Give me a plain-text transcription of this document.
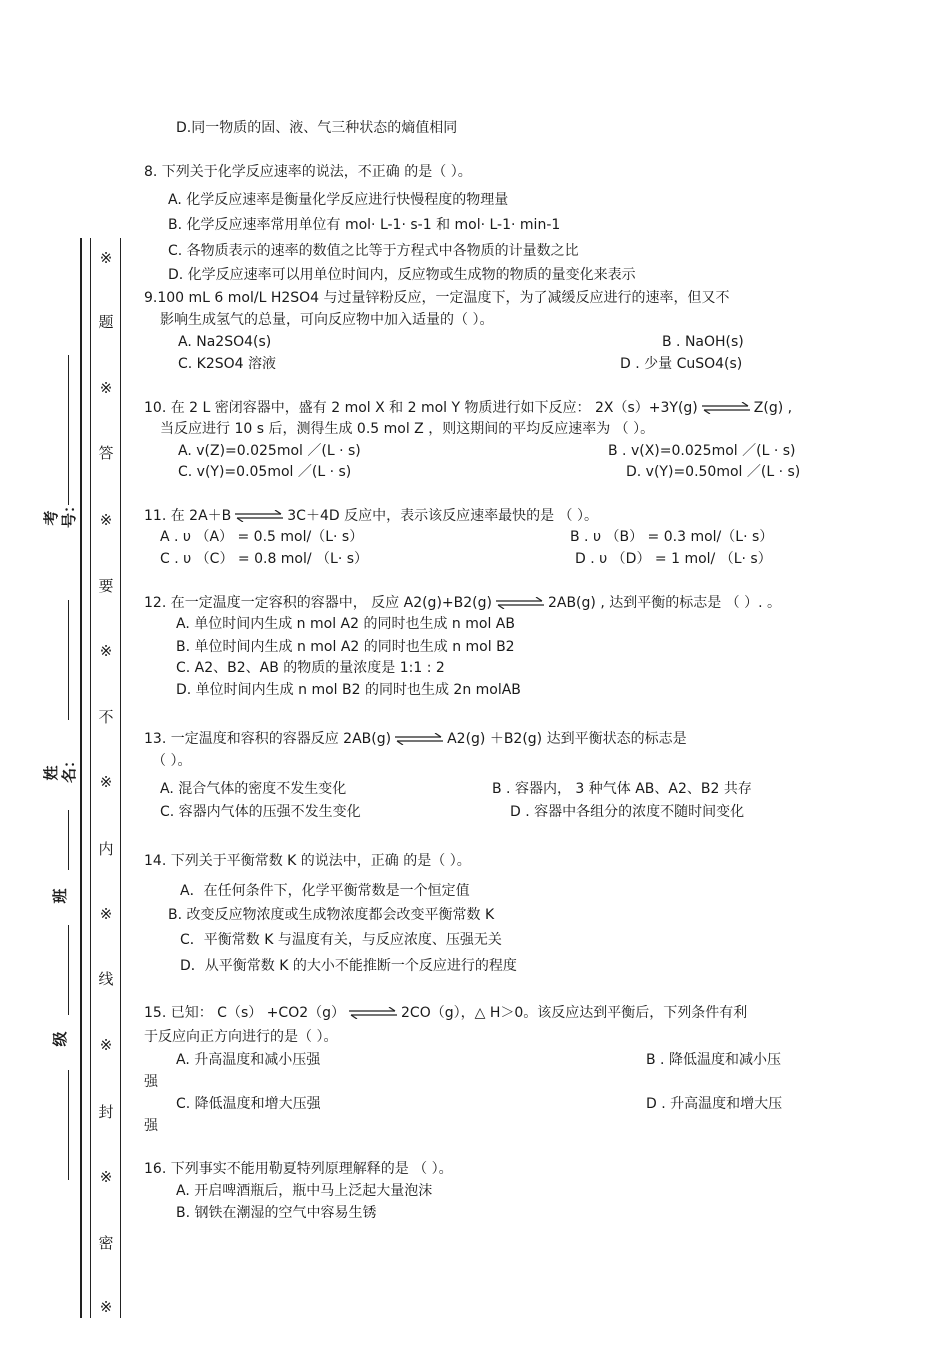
※
题
※
答
※
要
※
不
※
内
※
线
※
封
※
密
※
考号：
姓名：
班
级
D.同一物质的固、液、气三种状态的熵值相同
8. 下列关于化学反应速率的说法，不正确 的是（ ）。
A. 化学反应速率是衡量化学反应进行快慢程度的物理量
B. 化学反应速率常用单位有 mol· L-1· s-1 和 mol· L-1· min-1
C. 各物质表示的速率的数值之比等于方程式中各物质的计量数之比
D. 化学反应速率可以用单位时间内，反应物或生成物的物质的量变化来表示
9.100 mL 6 mol/L H2SO4 与过量锌粉反应，一定温度下，为了减缓反应进行的速率，但又不
影响生成氢气的总量，可向反应物中加入适量的（ ）。
A. Na2SO4(s)	B . NaOH(s)
C. K2SO4 溶液	D . 少量 CuSO4(s)
10. 在 2 L 密闭容器中，盛有 2 mol X 和 2 mol Y 物质进行如下反应： 2X（s）+3Y(g) ⇌ Z(g) ,
当反应进行 10 s 后，测得生成 0.5 mol Z ，则这期间的平均反应速率为 （ ）。
A. v(Z)=0.025mol ／(L · s)	B . v(X)=0.025mol ／(L · s)
C. v(Y)=0.05mol ／(L · s)	D. v(Y)=0.50mol ／(L · s)
11. 在 2A＋B ⇌ 3C＋4D 反应中，表示该反应速率最快的是 （ ）。
A . υ （A） = 0.5 mol/（L· s）	B . υ （B） = 0.3 mol/（L· s）
C . υ （C） = 0.8 mol/ （L· s）	D . υ （D） = 1 mol/ （L· s）
12. 在一定温度一定容积的容器中， 反应 A2(g)+B2(g) ⇌ 2AB(g) , 达到平衡的标志是 （ ）. 。
A. 单位时间内生成 n mol A2 的同时也生成 n mol AB
B. 单位时间内生成 n mol A2 的同时也生成 n mol B2
C. A2、B2、AB 的物质的量浓度是 1:1 : 2
D. 单位时间内生成 n mol B2 的同时也生成 2n molAB
13. 一定温度和容积的容器反应 2AB(g) ⇌ A2(g) ＋B2(g) 达到平衡状态的标志是
（ ）。
A. 混合气体的密度不发生变化	B . 容器内， 3 种气体 AB、A2、B2 共存
C. 容器内气体的压强不发生变化	D . 容器中各组分的浓度不随时间变化
14. 下列关于平衡常数 K 的说法中，正确 的是（ ）。
A．在任何条件下，化学平衡常数是一个恒定值
B. 改变反应物浓度或生成物浓度都会改变平衡常数 K
C．平衡常数 K 与温度有关，与反应浓度、压强无关
D．从平衡常数 K 的大小不能推断一个反应进行的程度
15. 已知： C（s） +CO2（g） ⇌ 2CO（g），△ H＞0。该反应达到平衡后，下列条件有利
于反应向正方向进行的是（ ）。
A. 升高温度和减小压强	B . 降低温度和减小压
强
C. 降低温度和增大压强	D . 升高温度和增大压
强
16. 下列事实不能用勒夏特列原理解释的是 （ ）。
A. 开启啤酒瓶后，瓶中马上泛起大量泡沫
B. 钢铁在潮湿的空气中容易生锈
